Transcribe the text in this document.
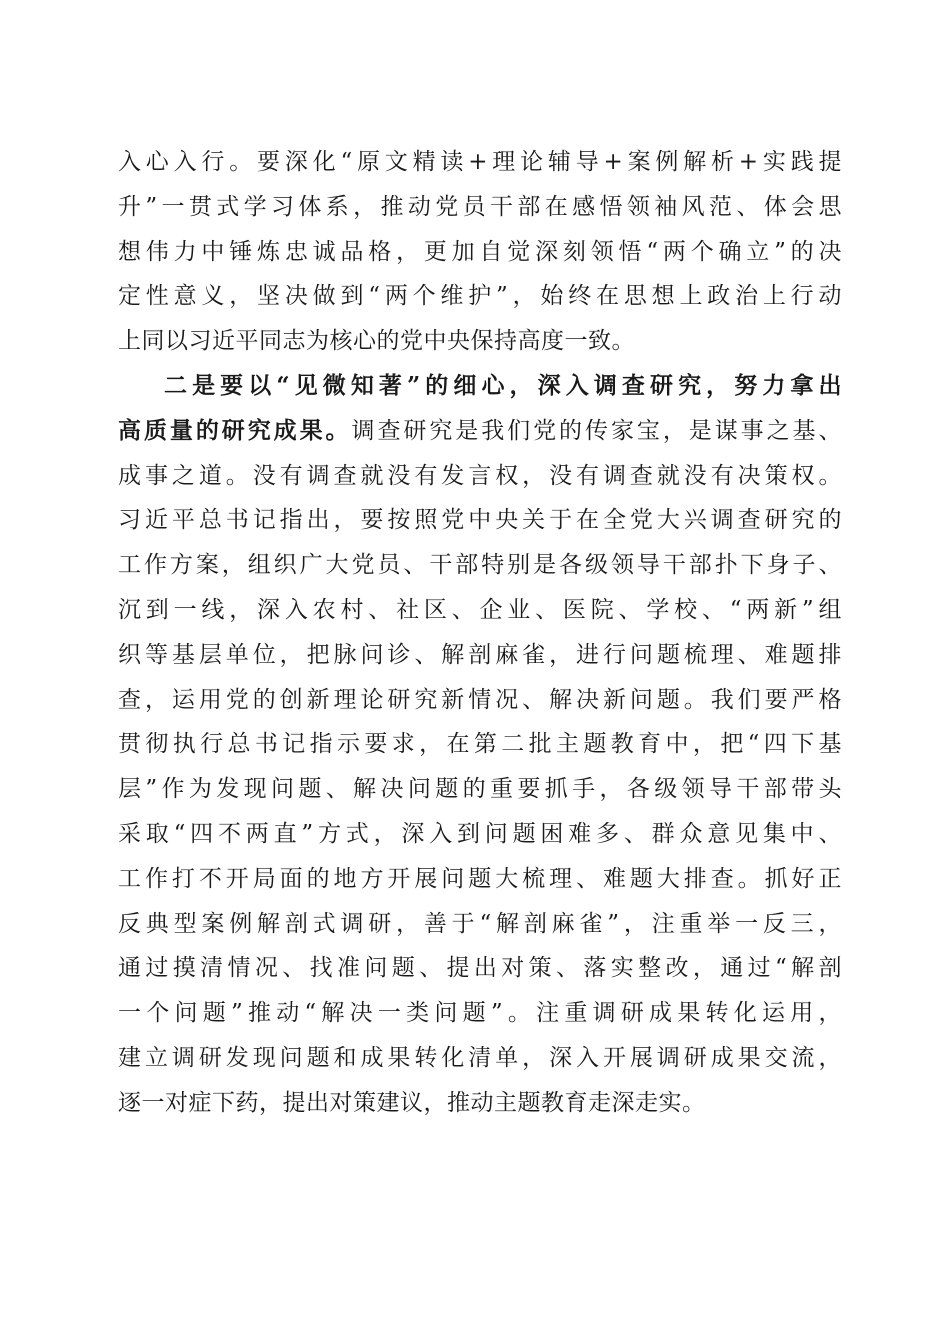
入心入行。要深化“原文精读+理论辅导+案例解析+实践提
升”一贯式学习体系，推动党员干部在感悟领袖风范、体会思
想伟力中锤炼忠诚品格，更加自觉深刻领悟“两个确立”的决
定性意义，坚决做到“两个维护”，始终在思想上政治上行动
上同以习近平同志为核心的党中央保持高度一致。
二是要以“见微知著”的细心，深入调查研究，努力拿出
高质量的研究成果。调查研究是我们党的传家宝，是谋事之基、
成事之道。没有调查就没有发言权，没有调查就没有决策权。
习近平总书记指出，要按照党中央关于在全党大兴调查研究的
工作方案，组织广大党员、干部特别是各级领导干部扑下身子、
沉到一线，深入农村、社区、企业、医院、学校、“两新”组
织等基层单位，把脉问诊、解剖麻雀，进行问题梳理、难题排
查，运用党的创新理论研究新情况、解决新问题。我们要严格
贯彻执行总书记指示要求，在第二批主题教育中，把“四下基
层”作为发现问题、解决问题的重要抓手，各级领导干部带头
采取“四不两直”方式，深入到问题困难多、群众意见集中、
工作打不开局面的地方开展问题大梳理、难题大排查。抓好正
反典型案例解剖式调研，善于“解剖麻雀”，注重举一反三，
通过摸清情况、找准问题、提出对策、落实整改，通过“解剖
一个问题”推动“解决一类问题”。注重调研成果转化运用，
建立调研发现问题和成果转化清单，深入开展调研成果交流，
逐一对症下药，提出对策建议，推动主题教育走深走实。
